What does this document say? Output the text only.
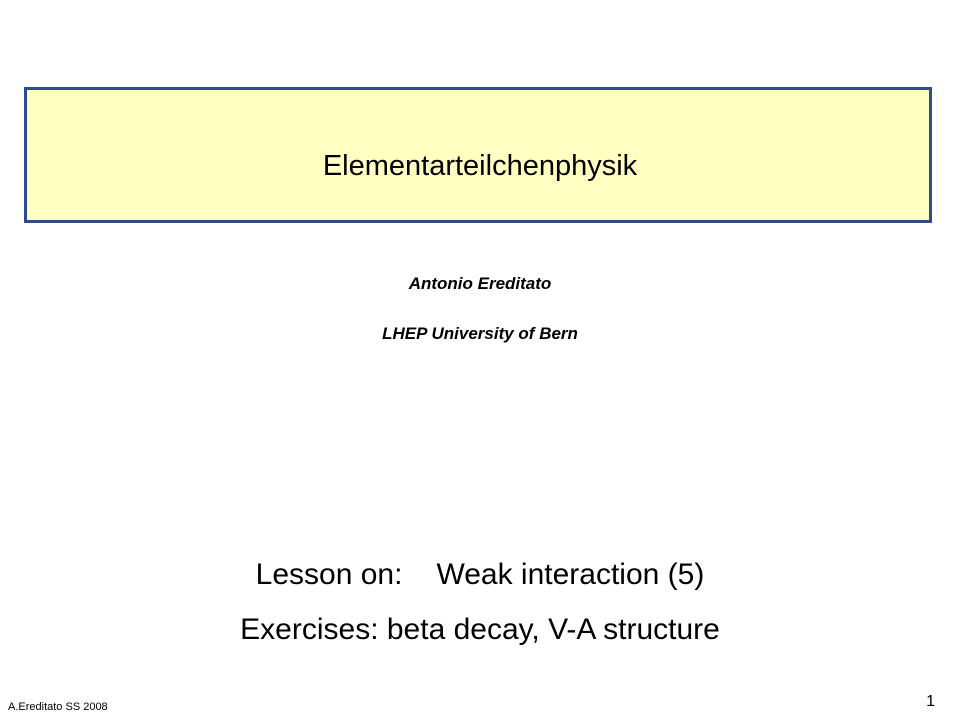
Elementarteilchenphysik
Antonio Ereditato
LHEP University of Bern
Lesson on: Weak interaction (5)
Exercises: beta decay, V-A structure
A.Ereditato SS 2008	1
